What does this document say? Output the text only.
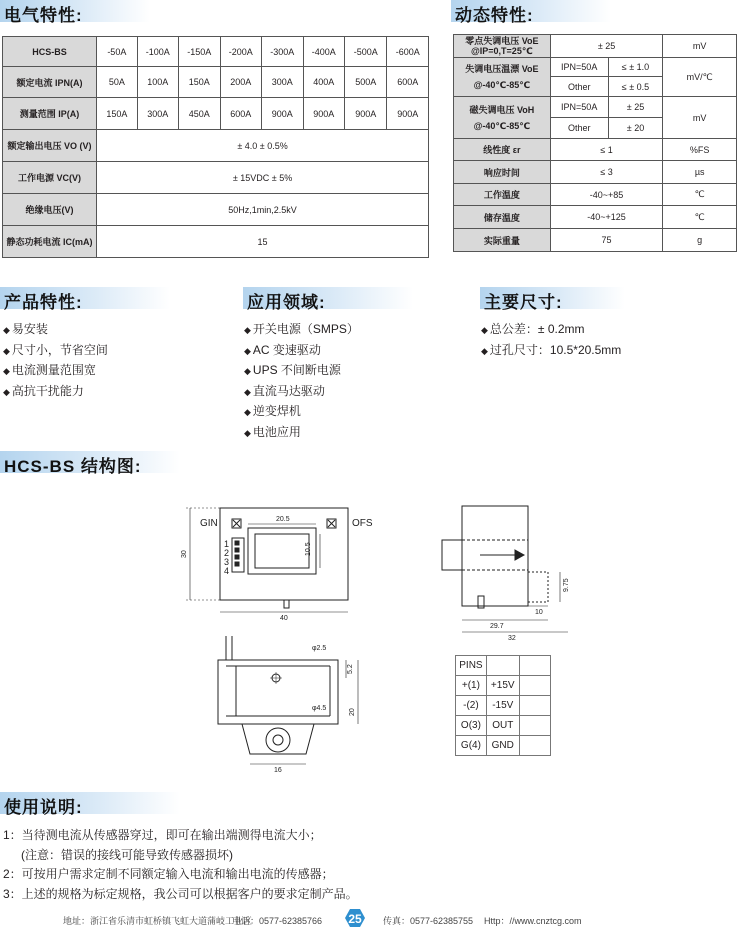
电气特性:	动态特性:
HCS-BS	-50A	-100A	-150A	-200A	-300A	-400A	-500A	-600A
额定电流 IPN(A)	50A	100A	150A	200A	300A	400A	500A	600A
测量范围 IP(A)	150A	300A	450A	600A	900A	900A	900A	900A
额定输出电压 VO (V)	± 4.0 ± 0.5%							
工作电源 VC(V)	± 15VDC ± 5%							
绝缘电压(V)	50Hz,1min,2.5kV							
静态功耗电流 IC(mA)	15							
零点失调电压 VoE
@IP=0,T=25℃	± 25		mV
失调电压温漂 VoE
@-40℃-85℃	IPN=50A	≤ ± 1.0	mV/℃
	Other	≤ ± 0.5	
磁失调电压 VoH
@-40℃-85℃	IPN=50A	± 25	mV
	Other	± 20	
线性度 εr	≤ 1		%FS
响应时间	≤ 3		µs
工作温度	-40~+85		℃
储存温度	-40~+125		℃
实际重量	75		g
产品特性:	应用领域:	主要尺寸:
◆ 易安装
◆ 尺寸小，节省空间
◆ 电流测量范围宽
◆ 高抗干扰能力
◆ 开关电源（SMPS）
◆ AC 变速驱动
◆ UPS 不间断电源
◆ 直流马达驱动
◆ 逆变焊机
◆ 电池应用
◆ 总公差：± 0.2mm
◆ 过孔尺寸：10.5*20.5mm
HCS-BS 结构图:
GIN	OFS
1
2
3
4
20.5
10.5
30
40
9.75
10
29.7
32
φ2.5
5.2
φ4.5	20
16
PINS		
+(1)	+15V	
-(2)	-15V	
O(3)	OUT	
G(4)	GND	
使用说明:
1：当待测电流从传感器穿过，即可在输出端测得电流大小；
(注意：错误的接线可能导致传感器损坏)
2：可按用户需求定制不同额定输入电流和输出电流的传感器；
3：上述的规格为标定规格，我公司可以根据客户的要求定制产品。
地址：浙江省乐清市虹桥镇飞虹大道蒲岐工业区
电话：0577-62385766	传真：0577-62385755 Http：//www.cnztcg.com
25
